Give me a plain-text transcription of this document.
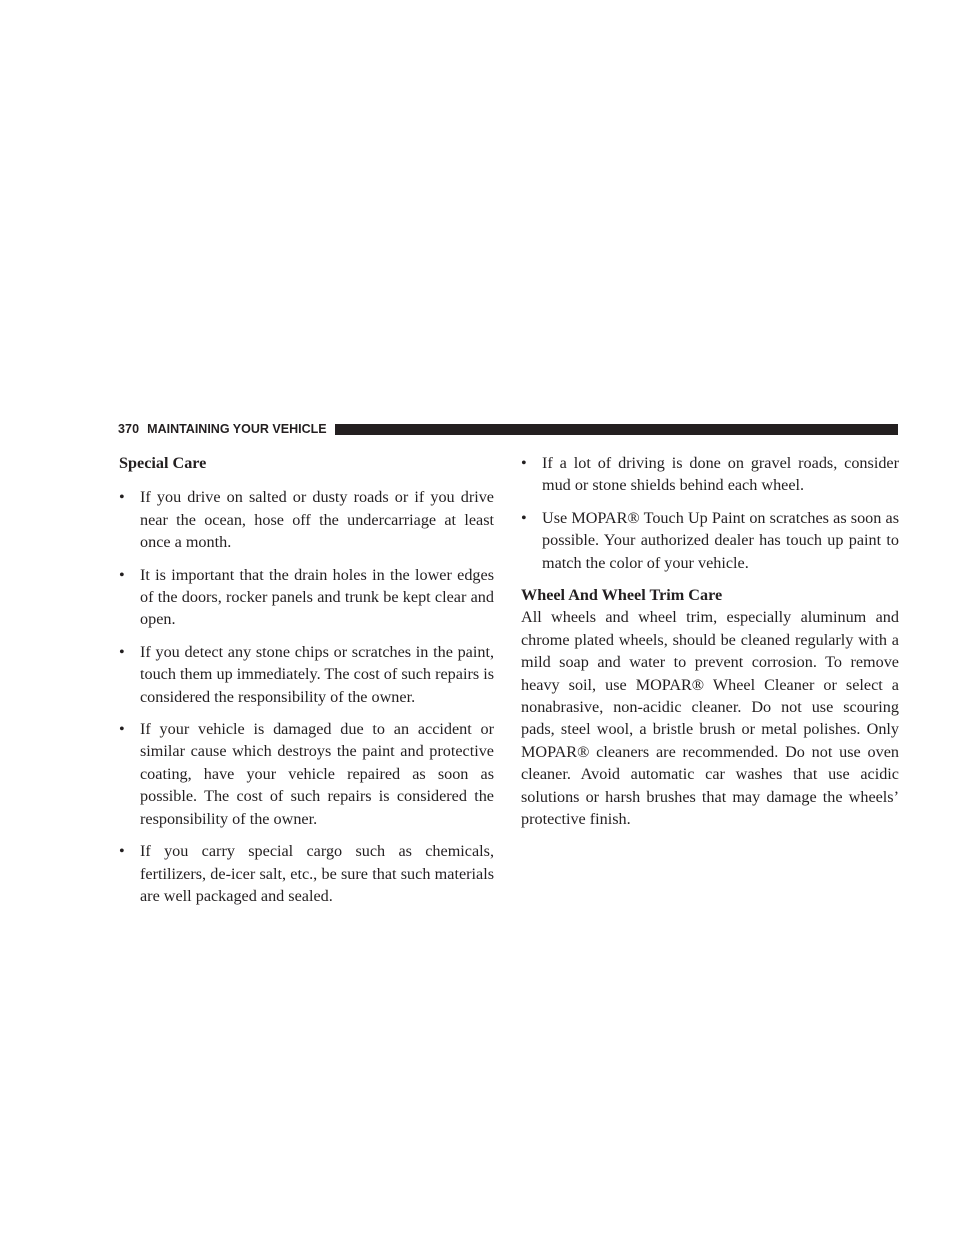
370 MAINTAINING YOUR VEHICLE
Special Care
• If you drive on salted or dusty roads or if you drive near the ocean, hose off the undercarriage at least once a month.
• It is important that the drain holes in the lower edges of the doors, rocker panels and trunk be kept clear and open.
• If you detect any stone chips or scratches in the paint, touch them up immediately. The cost of such repairs is considered the responsibility of the owner.
• If your vehicle is damaged due to an accident or similar cause which destroys the paint and protective coating, have your vehicle repaired as soon as possible. The cost of such repairs is considered the responsibility of the owner.
• If you carry special cargo such as chemicals, fertilizers, de-icer salt, etc., be sure that such materials are well packaged and sealed.
• If a lot of driving is done on gravel roads, consider mud or stone shields behind each wheel.
• Use MOPAR® Touch Up Paint on scratches as soon as possible. Your authorized dealer has touch up paint to match the color of your vehicle.
Wheel And Wheel Trim Care

All wheels and wheel trim, especially aluminum and chrome plated wheels, should be cleaned regularly with a mild soap and water to prevent corrosion. To remove heavy soil, use MOPAR® Wheel Cleaner or select a nonabrasive, non-acidic cleaner. Do not use scouring pads, steel wool, a bristle brush or metal polishes. Only MOPAR® cleaners are recommended. Do not use oven cleaner. Avoid automatic car washes that use acidic solutions or harsh brushes that may damage the wheels’ protective finish.
